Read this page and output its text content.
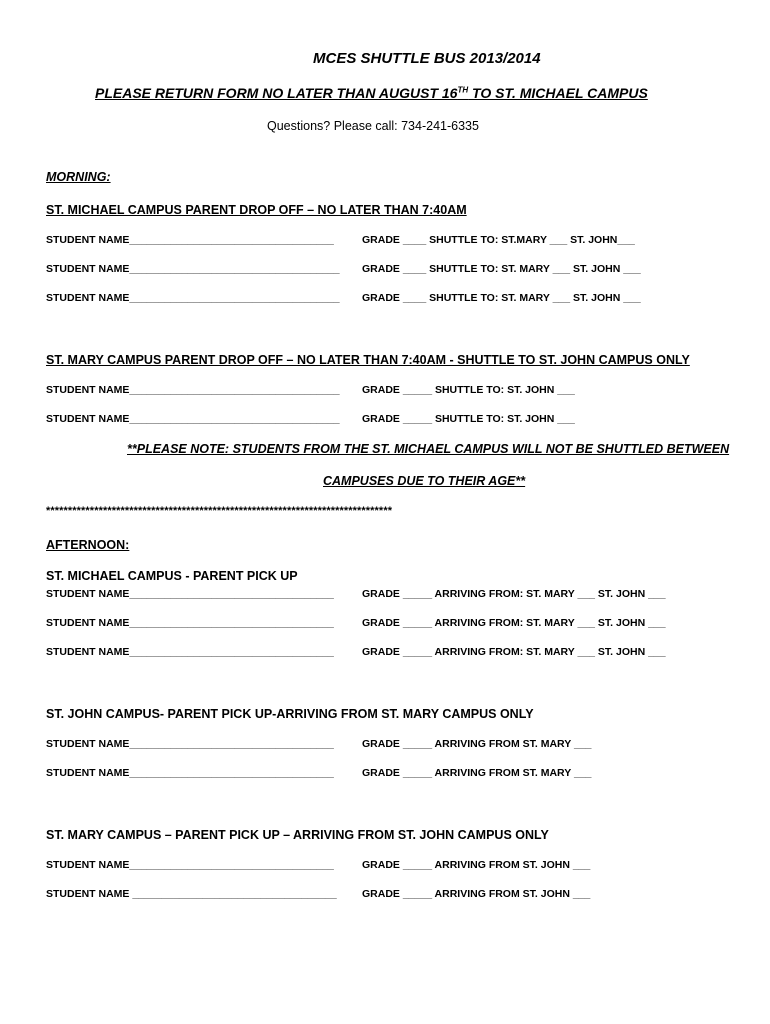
MCES SHUTTLE BUS 2013/2014
PLEASE RETURN FORM NO LATER THAN AUGUST 16TH TO ST. MICHAEL CAMPUS
Questions? Please call: 734-241-6335
MORNING:
ST. MICHAEL CAMPUS PARENT DROP OFF – NO LATER THAN 7:40AM
STUDENT NAME___________________________________	GRADE ____ SHUTTLE TO: ST.MARY ___ ST. JOHN___
STUDENT NAME____________________________________ GRADE ____ SHUTTLE TO: ST. MARY ___ ST. JOHN ___
STUDENT NAME____________________________________ GRADE ____ SHUTTLE TO: ST. MARY ___ ST. JOHN ___
ST. MARY CAMPUS PARENT DROP OFF – NO LATER THAN 7:40AM - SHUTTLE TO ST. JOHN CAMPUS ONLY
STUDENT NAME____________________________________ GRADE _____ SHUTTLE TO: ST. JOHN ___
STUDENT NAME____________________________________ GRADE _____ SHUTTLE TO: ST. JOHN ___
**PLEASE NOTE: STUDENTS FROM THE ST. MICHAEL CAMPUS WILL NOT BE SHUTTLED BETWEEN
CAMPUSES DUE TO THEIR AGE**
*******************************************************************************
AFTERNOON:
ST. MICHAEL CAMPUS - PARENT PICK UP
STUDENT NAME___________________________________	GRADE _____ ARRIVING FROM: ST. MARY ___ ST. JOHN ___
STUDENT NAME___________________________________	GRADE _____ ARRIVING FROM: ST. MARY ___ ST. JOHN ___
STUDENT NAME___________________________________	GRADE _____ ARRIVING FROM: ST. MARY ___ ST. JOHN ___
ST. JOHN CAMPUS- PARENT PICK UP-ARRIVING FROM ST. MARY CAMPUS ONLY
STUDENT NAME___________________________________	GRADE _____ ARRIVING FROM ST. MARY ___
STUDENT NAME___________________________________	GRADE _____ ARRIVING FROM ST. MARY ___
ST. MARY CAMPUS – PARENT PICK UP – ARRIVING FROM ST. JOHN CAMPUS ONLY
STUDENT NAME___________________________________	GRADE _____ ARRIVING FROM ST. JOHN ___
STUDENT NAME ___________________________________ GRADE _____ ARRIVING FROM ST. JOHN ___
